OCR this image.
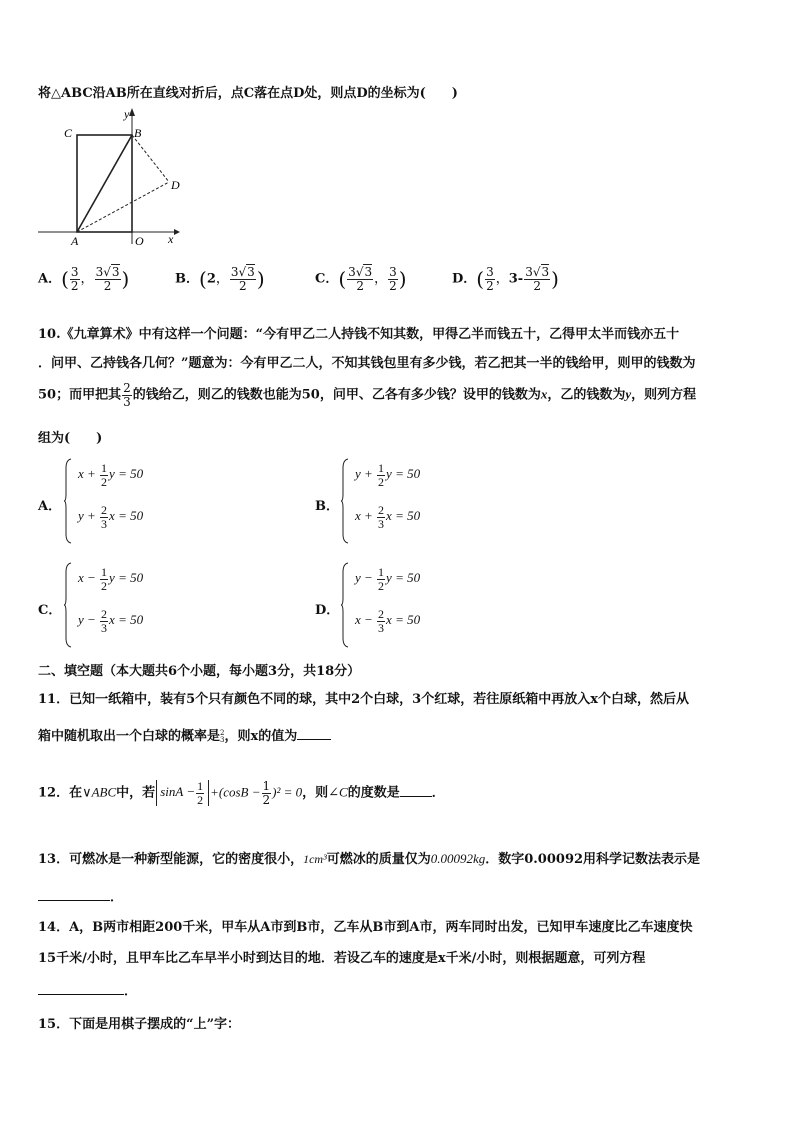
将△ABC沿AB所在直线对折后，点C落在点D处，则点D的坐标为(　　)
C	B
D
A	O x
y
A．( $\frac{3}{2}$ ， $\frac{3√3}{2}$ )	B．(2， $\frac{3√3}{2}$ )	C．( $\frac{3√3}{2}$ ， $\frac{3}{2}$ )	D．( $\frac{3}{2}$ ，$3- \frac{3√3}{2}$ )
10.《九章算术》中有这样一个问题：“今有甲乙二人持钱不知其数，甲得乙半而钱五十，乙得甲太半而钱亦五十
．问甲、乙持钱各几何？”题意为：今有甲乙二人，不知其钱包里有多少钱，若乙把其一半的钱给甲，则甲的钱数为
50；而甲把其 $\frac{2}{3}$ 的钱给乙，则乙的钱数也能为50，问甲、乙各有多少钱？设甲的钱数为x，乙的钱数为y，则列方程
组为(　　)
A．
$x + \frac{1}{2}$ y = 50
$y + \frac{2}{3}$ x = 50
B．
$y + \frac{1}{2}$ y = 50
$x + \frac{2}{3}$ x = 50
C．
$x - \frac{1}{2}$ y = 50
$y - \frac{2}{3}$ x = 50
D．
$y - \frac{1}{2}$ y = 50
$x - \frac{2}{3}$ x = 50
二、填空题（本大题共6个小题，每小题3分，共18分）
11．已知一纸箱中，装有5个只有颜色不同的球，其中2个白球，3个红球，若往原纸箱中再放入x个白球，然后从
箱中随机取出一个白球的概率是 2
3 ，则x的值为
12．在∨ABC中，若 $\sin A - \frac{1}{2} +(\cos B - \frac{1}{2} )^2 = 0$，则∠C的度数是 ．
13．可燃冰是一种新型能源，它的密度很小，1cm³可燃冰的质量仅为0.00092kg．数字0.00092用科学记数法表示是
．
14．A，B两市相距200千米，甲车从A市到B市，乙车从B市到A市，两车同时出发，已知甲车速度比乙车速度快
15千米/小时，且甲车比乙车早半小时到达目的地．若设乙车的速度是x千米/小时，则根据题意，可列方程
．
15．下面是用棋子摆成的“上”字：
